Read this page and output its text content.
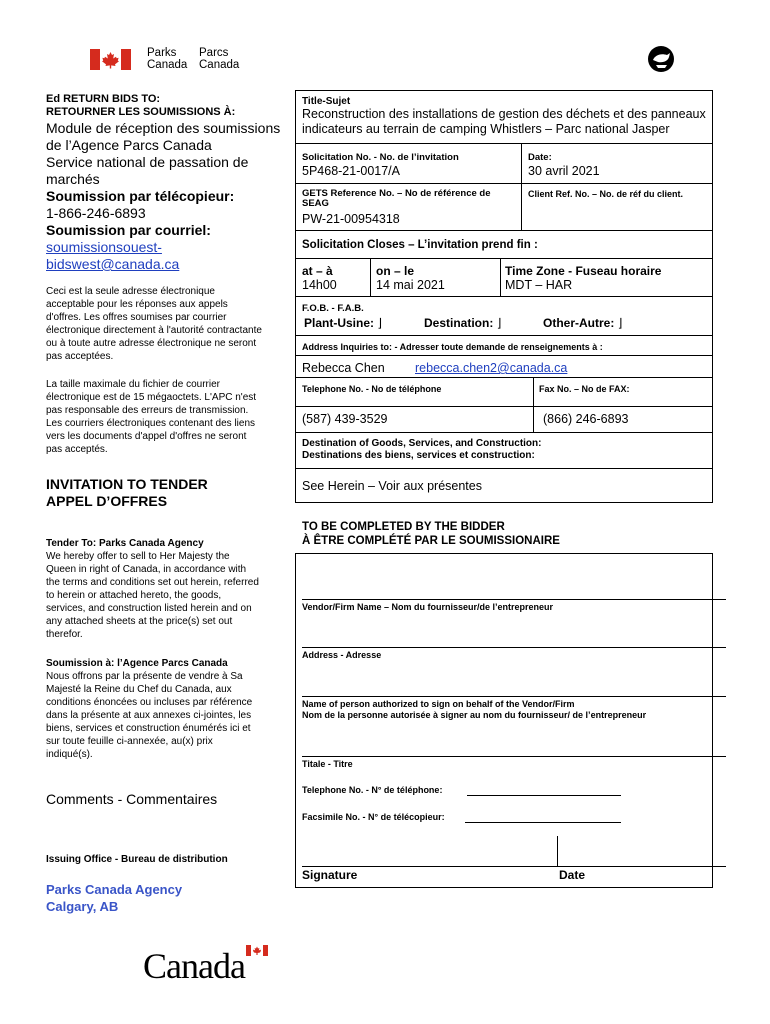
Parks
Canada
Parcs
Canada
Ed RETURN BIDS TO:
RETOURNER LES SOUMISSIONS À:
Module de réception des soumissions
de l’Agence Parcs Canada
Service national de passation de
marchés
Soumission par télécopieur:
1-866-246-6893
Soumission par courriel:
soumissionsouest-
bidswest@canada.ca
Ceci est la seule adresse électronique
acceptable pour les réponses aux appels
d'offres. Les offres soumises par courrier
électronique directement à l'autorité contractante
ou à toute autre adresse électronique ne seront
pas acceptées.
La taille maximale du fichier de courrier
électronique est de 15 mégaoctets. L'APC n'est
pas responsable des erreurs de transmission.
Les courriers électroniques contenant des liens
vers les documents d'appel d'offres ne seront
pas acceptés.
INVITATION TO TENDER
APPEL D’OFFRES
Tender To: Parks Canada Agency
We hereby offer to sell to Her Majesty the
Queen in right of Canada, in accordance with
the terms and conditions set out herein, referred
to herein or attached hereto, the goods,
services, and construction listed herein and on
any attached sheets at the price(s) set out
therefor.
Soumission à: l’Agence Parcs Canada
Nous offrons par la présente de vendre à Sa
Majesté la Reine du Chef du Canada, aux
conditions énoncées ou incluses par référence
dans la présente at aux annexes ci-jointes, les
biens, services et construction énumérés ici et
sur toute feuille ci-annexée, au(x) prix
indiqué(s).
Comments - Commentaires
Issuing Office - Bureau de distribution
Parks Canada Agency
Calgary, AB
Title-Sujet
Reconstruction des installations de gestion des déchets et des panneaux
indicateurs au terrain de camping Whistlers – Parc national Jasper
Solicitation No. - No. de l’invitation
5P468-21-0017/A
Date:
30 avril 2021
GETS Reference No. – No de référence de
SEAG
PW-21-00954318
Client Ref. No. – No. de réf du client.
Solicitation Closes – L’invitation prend fin :
at – à
14h00
on – le
14 mai 2021
Time Zone - Fuseau horaire
MDT – HAR
F.O.B. - F.A.B.
Plant-Usine: ⌋	Destination: ⌋	Other-Autre: ⌋
Address Inquiries to: - Adresser toute demande de renseignements à :
Rebecca Chen rebecca.chen2@canada.ca
Telephone No. - No de téléphone	Fax No. – No de FAX:
(587) 439-3529	(866) 246-6893
Destination of Goods, Services, and Construction:
Destinations des biens, services et construction:
See Herein – Voir aux présentes
TO BE COMPLETED BY THE BIDDER
À ÊTRE COMPLÉTÉ PAR LE SOUMISSIONAIRE
Vendor/Firm Name – Nom du fournisseur/de l’entrepreneur
Address - Adresse
Name of person authorized to sign on behalf of the Vendor/Firm
Nom de la personne autorisée à signer au nom du fournisseur/ de l’entrepreneur
Titale - Titre
Telephone No. - N° de téléphone:
Facsimile No. - N° de télécopieur:
Signature	Date
Canada
